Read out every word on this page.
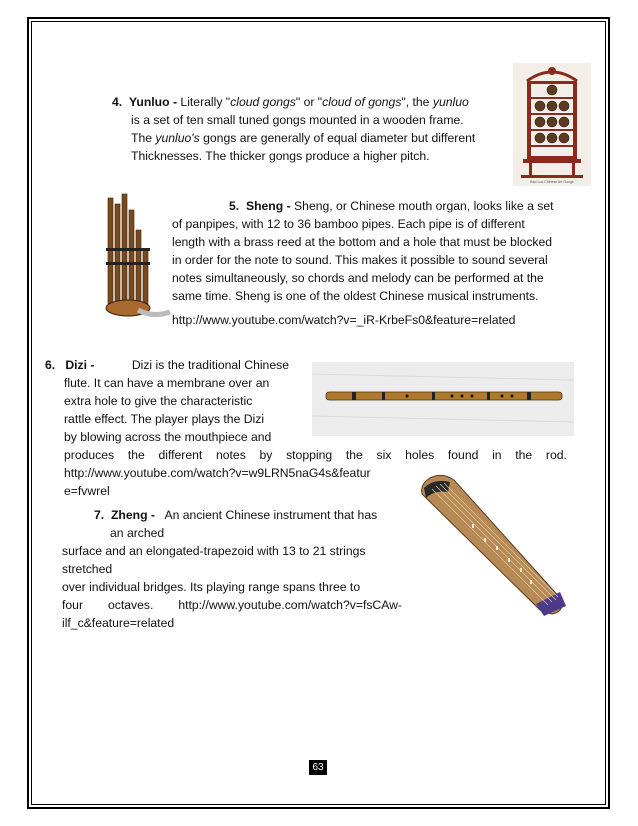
4. Yunluo - Literally "cloud gongs" or "cloud of gongs", the yunluo
is a set of ten small tuned gongs mounted in a wooden frame.
The yunluo's gongs are generally of equal diameter but different
Thicknesses. The thicker gongs produce a higher pitch.
Bao Luo Chinese Art Gongs
5. Sheng - Sheng, or Chinese mouth organ, looks like a set
of panpipes, with 12 to 36 bamboo pipes. Each pipe is of different
length with a brass reed at the bottom and a hole that must be blocked
in order for the note to sound. This makes it possible to sound several
notes simultaneously, so chords and melody can be performed at the
same time. Sheng is one of the oldest Chinese musical instruments.
http://www.youtube.com/watch?v=_iR-KrbeFs0&feature=related
6. Dizi -	Dizi is the traditional Chinese
flute. It can have a membrane over an
extra hole to give the characteristic
rattle effect. The player plays the Dizi
by blowing across the mouthpiece and
produces the different notes by stopping the six holes found in the rod.
http://www.youtube.com/watch?v=w9LRN5naG4s&featur
e=fvwrel
7. Zheng - An ancient Chinese instrument that has
an arched
surface and an elongated-trapezoid with 13 to 21 strings
stretched
over individual bridges. Its playing range spans three to
four octaves. http://www.youtube.com/watch?v=fsCAw-
ilf_c&feature=related
63
